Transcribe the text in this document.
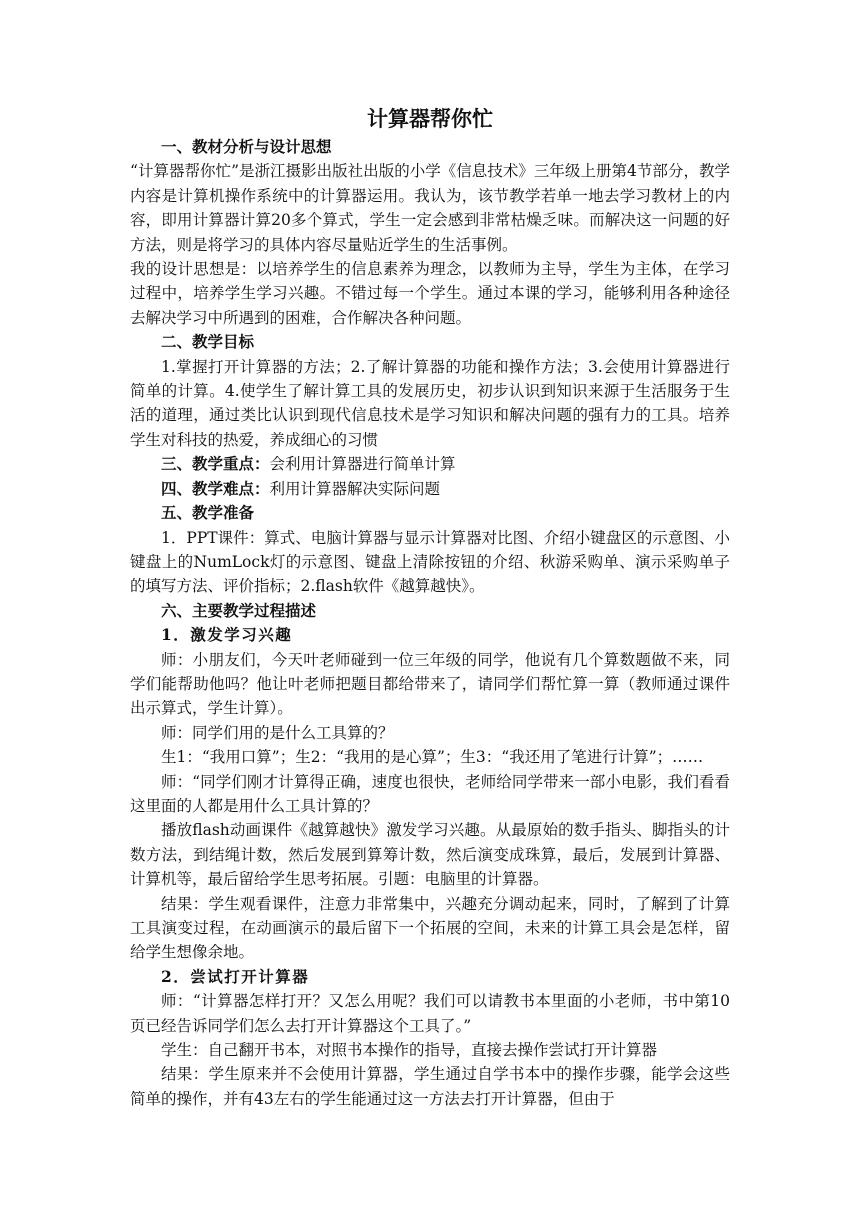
计算器帮你忙

一、教材分析与设计思想

“计算器帮你忙”是浙江摄影出版社出版的小学《信息技术》三年级上册第4节部分，教学内容是计算机操作系统中的计算器运用。我认为，该节教学若单一地去学习教材上的内容，即用计算器计算20多个算式，学生一定会感到非常枯燥乏味。而解决这一问题的好方法，则是将学习的具体内容尽量贴近学生的生活事例。

我的设计思想是：以培养学生的信息素养为理念，以教师为主导，学生为主体，在学习过程中，培养学生学习兴趣。不错过每一个学生。通过本课的学习，能够利用各种途径去解决学习中所遇到的困难，合作解决各种问题。

二、教学目标

1.掌握打开计算器的方法；2.了解计算器的功能和操作方法；3.会使用计算器进行简单的计算。4.使学生了解计算工具的发展历史，初步认识到知识来源于生活服务于生活的道理，通过类比认识到现代信息技术是学习知识和解决问题的强有力的工具。培养学生对科技的热爱，养成细心的习惯

三、教学重点：会利用计算器进行简单计算

四、教学难点：利用计算器解决实际问题

五、教学准备

1．PPT课件：算式、电脑计算器与显示计算器对比图、介绍小键盘区的示意图、小键盘上的NumLock灯的示意图、键盘上清除按钮的介绍、秋游采购单、演示采购单子的填写方法、评价指标；2.flash软件《越算越快》。

六、主要教学过程描述

1．激发学习兴趣

师：小朋友们，今天叶老师碰到一位三年级的同学，他说有几个算数题做不来，同学们能帮助他吗？他让叶老师把题目都给带来了，请同学们帮忙算一算（教师通过课件出示算式，学生计算）。

师：同学们用的是什么工具算的？

生1：“我用口算”；生2：“我用的是心算”；生3：“我还用了笔进行计算”；……

师：“同学们刚才计算得正确，速度也很快，老师给同学带来一部小电影，我们看看这里面的人都是用什么工具计算的？

播放flash动画课件《越算越快》激发学习兴趣。从最原始的数手指头、脚指头的计数方法，到结绳计数，然后发展到算筹计数，然后演变成珠算，最后，发展到计算器、计算机等，最后留给学生思考拓展。引题：电脑里的计算器。

结果：学生观看课件，注意力非常集中，兴趣充分调动起来，同时，了解到了计算工具演变过程，在动画演示的最后留下一个拓展的空间，未来的计算工具会是怎样，留给学生想像余地。

2．尝试打开计算器

师：“计算器怎样打开？又怎么用呢？我们可以请教书本里面的小老师，书中第10页已经告诉同学们怎么去打开计算器这个工具了。”

学生：自己翻开书本，对照书本操作的指导，直接去操作尝试打开计算器

结果：学生原来并不会使用计算器，学生通过自学书本中的操作步骤，能学会这些简单的操作，并有43左右的学生能通过这一方法去打开计算器，但由于
